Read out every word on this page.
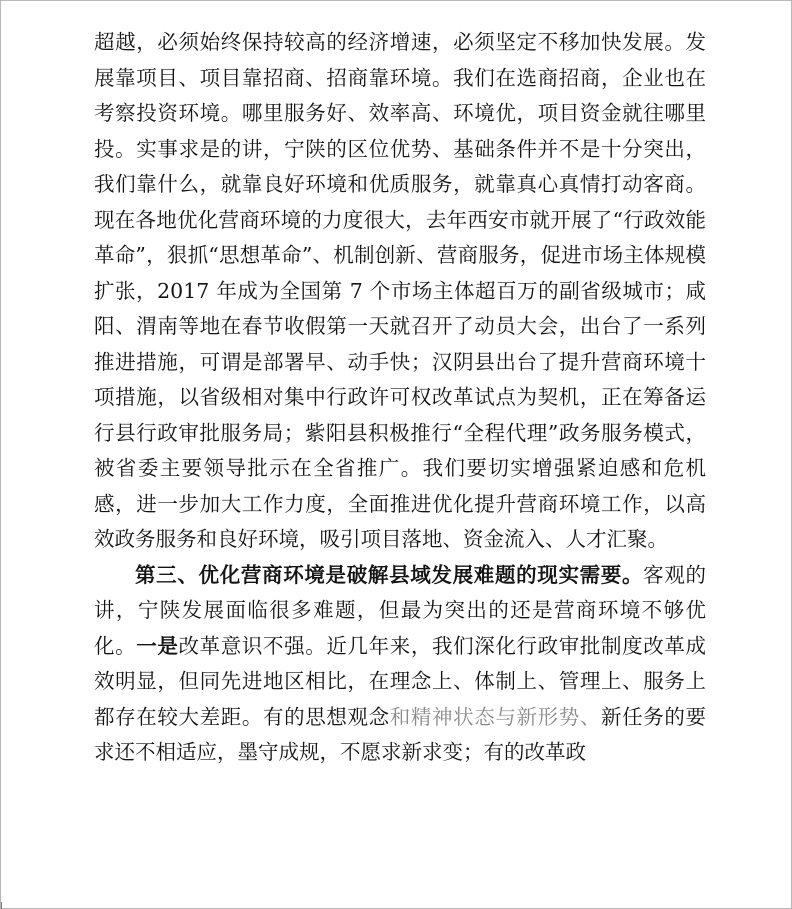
超越，必须始终保持较高的经济增速，必须坚定不移加快发展。发展靠项目、项目靠招商、招商靠环境。我们在选商招商，企业也在考察投资环境。哪里服务好、效率高、环境优，项目资金就往哪里投。实事求是的讲，宁陕的区位优势、基础条件并不是十分突出，我们靠什么，就靠良好环境和优质服务，就靠真心真情打动客商。现在各地优化营商环境的力度很大，去年西安市就开展了“行政效能革命”，狠抓“思想革命”、机制创新、营商服务，促进市场主体规模扩张，2017 年成为全国第 7 个市场主体超百万的副省级城市；咸阳、渭南等地在春节收假第一天就召开了动员大会，出台了一系列推进措施，可谓是部署早、动手快；汉阴县出台了提升营商环境十项措施，以省级相对集中行政许可权改革试点为契机，正在筹备运行县行政审批服务局；紫阳县积极推行“全程代理”政务服务模式，被省委主要领导批示在全省推广。我们要切实增强紧迫感和危机感，进一步加大工作力度，全面推进优化提升营商环境工作，以高效政务服务和良好环境，吸引项目落地、资金流入、人才汇聚。

第三、优化营商环境是破解县域发展难题的现实需要。客观的讲，宁陕发展面临很多难题，但最为突出的还是营商环境不够优化。一是改革意识不强。近几年来，我们深化行政审批制度改革成效明显，但同先进地区相比，在理念上、体制上、管理上、服务上都存在较大差距。有的思想观念和精神状态与新形势、新任务的要求还不相适应，墨守成规，不愿求新求变；有的改革政
